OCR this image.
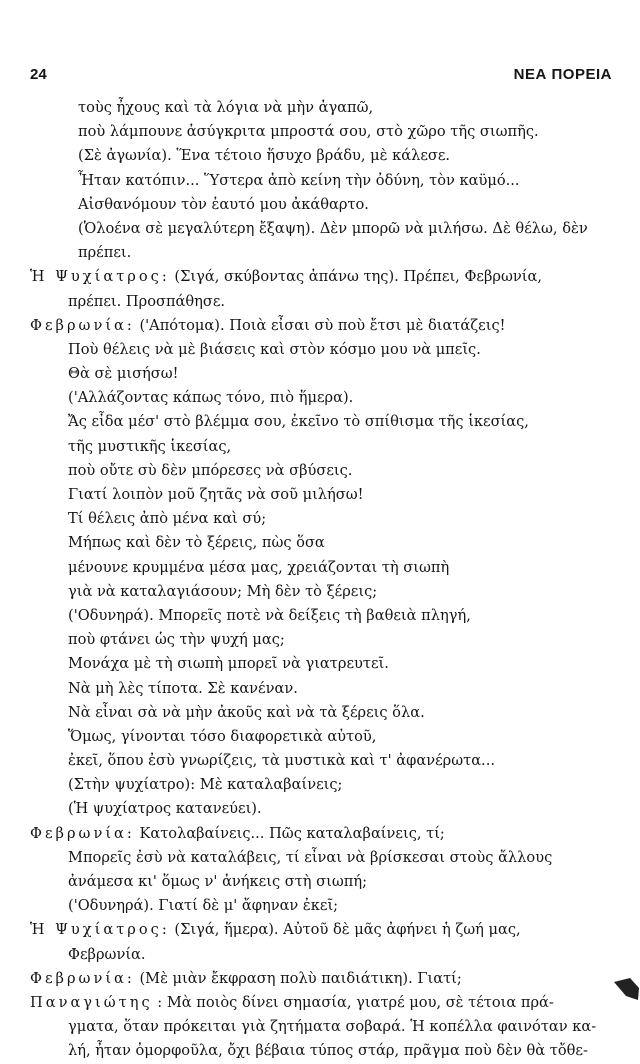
24	ΝΕΑ ΠΟΡΕΙΑ
τοὺς ἦχους καὶ τὰ λόγια νὰ μὴν ἀγαπῶ,
ποὺ λάμπουνε ἀσύγκριτα μπροστά σου, στὸ χῶρο τῆς σιωπῆς.
(Σὲ ἀγωνία). Ἕνα τέτοιο ἥσυχο βράδυ, μὲ κάλεσε.
Ἦταν κατόπιν... Ὕστερα ἀπὸ κείνη τὴν ὀδύνη, τὸν καϋμό...
Αἰσθανόμουν τὸν ἑαυτό μου ἀκάθαρτο.
(Ὁλοένα σὲ μεγαλύτερη ἔξαψη). Δὲν μπορῶ νὰ μιλήσω. Δὲ θέλω, δὲν
πρέπει.
Ἡ Ψυχίατρος: (Σιγά, σκύβοντας ἀπάνω της). Πρέπει, Φεβρωνία,
πρέπει. Προσπάθησε.
Φεβρωνία: ('Απότομα). Ποιὰ εἶσαι σὺ ποὺ ἔτσι μὲ διατάζεις!
Ποὺ θέλεις νὰ μὲ βιάσεις καὶ στὸν κόσμο μου νὰ μπεῖς.
Θὰ σὲ μισήσω!
('Αλλάζοντας κάπως τόνο, πιὸ ἥμερα).
Ἄς εἶδα μέσ' στὸ βλέμμα σου, ἐκεῖνο τὸ σπίθισμα τῆς ἱκεσίας,
τῆς μυστικῆς ἱκεσίας,
ποὺ οὔτε σὺ δὲν μπόρεσες νὰ σβύσεις.
Γιατί λοιπὸν μοῦ ζητᾶς νὰ σοῦ μιλήσω!
Τί θέλεις ἀπὸ μένα καὶ σύ;
Μήπως καὶ δὲν τὸ ξέρεις, πὼς ὅσα
μένουνε κρυμμένα μέσα μας, χρειάζονται τὴ σιωπὴ
γιὰ νὰ καταλαγιάσουν; Μὴ δὲν τὸ ξέρεις;
('Οδυνηρά). Μπορεῖς ποτὲ νὰ δείξεις τὴ βαθειὰ πληγή,
ποὺ φτάνει ὡς τὴν ψυχή μας;
Μονάχα μὲ τὴ σιωπὴ μπορεῖ νὰ γιατρευτεῖ.
Νὰ μὴ λὲς τίποτα. Σὲ κανέναν.
Νὰ εἶναι σὰ νὰ μὴν ἀκοῦς καὶ νὰ τὰ ξέρεις ὅλα.
Ὅμως, γίνονται τόσο διαφορετικὰ αὐτοῦ,
ἐκεῖ, ὅπου ἐσὺ γνωρίζεις, τὰ μυστικὰ καὶ τ' ἀφανέρωτα...
(Στὴν ψυχίατρο): Μὲ καταλαβαίνεις;
(Ἡ ψυχίατρος κατανεύει).
Φεβρωνία: Κατολαβαίνεις... Πῶς καταλαβαίνεις, τί;
Μπορεῖς ἐσὺ νὰ καταλάβεις, τί εἶναι νὰ βρίσκεσαι στοὺς ἄλλους
ἀνάμεσα κι' ὅμως ν' ἀνήκεις στὴ σιωπή;
('Οδυνηρά). Γιατί δὲ μ' ἄφηναν ἐκεῖ;
Ἡ Ψυχίατρος: (Σιγά, ἥμερα). Αὐτοῦ δὲ μᾶς ἀφήνει ἡ ζωή μας,
Φεβρωνία.
Φεβρωνία: (Μὲ μιὰν ἔκφραση πολὺ παιδιάτικη). Γιατί;
Παναγιώτης : Μὰ ποιὸς δίνει σημασία, γιατρέ μου, σὲ τέτοια πρά-
γματα, ὅταν πρόκειται γιὰ ζητήματα σοβαρά. Ἡ κοπέλλα φαινόταν κα-
λή, ἦταν ὀμορφοῦλα, ὄχι βέβαια τύπος στάρ, πρᾶγμα ποὺ δὲν θὰ τὄθε-
